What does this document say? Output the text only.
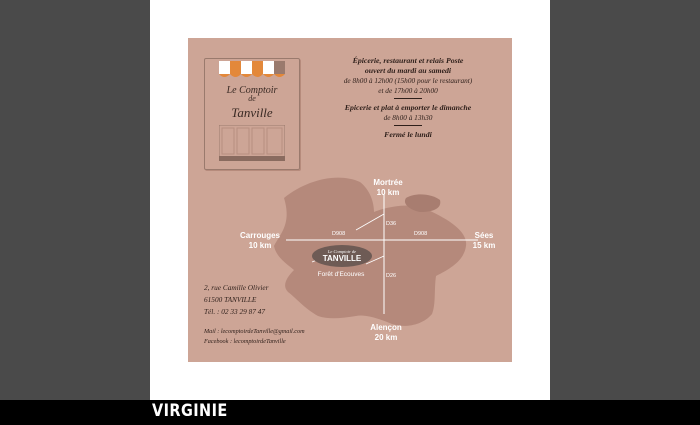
Le Comptoir
de
Tanville
Épicerie, restaurant et relais Poste
ouvert du mardi au samedi
de 8h00 à 12h00 (15h00 pour le restaurant)
et de 17h00 à 20h00
Epicerie et plat à emporter le dimanche
de 8h00 à 13h30
Fermé le lundi
Mortrée
10 km
Carrouges
10 km
Sées
15 km
Alençon
20 km
D36
D908	D908
D26
Le Comptoir de
TANVILLE
Forêt d'Ecouves
2, rue Camille Olivier
61500 TANVILLE
Tél. : 02 33 29 87 47
Mail : lecomptoirdeTanville@gmail.com
Facebook : lecomptoirdeTanville
VIRGINIE
